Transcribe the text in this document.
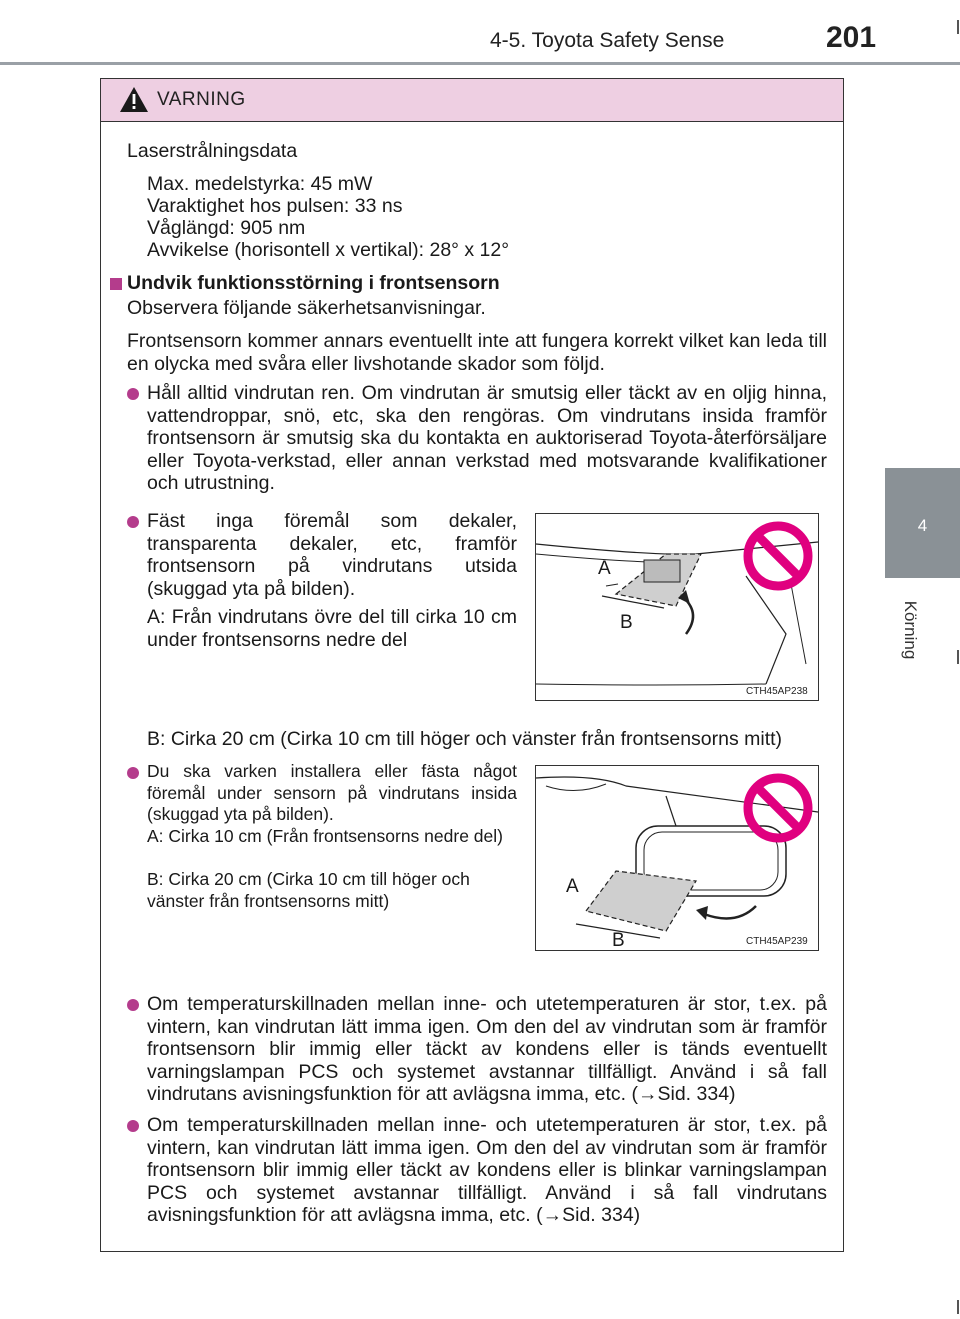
4-5. Toyota Safety Sense	201
4
Körning
VARNING
Laserstrålningsdata
Max. medelstyrka: 45 mW
Varaktighet hos pulsen: 33 ns
Våglängd: 905 nm
Avvikelse (horisontell x vertikal): 28° x 12°
Undvik funktionsstörning i frontsensorn
Observera följande säkerhetsanvisningar.
Frontsensorn kommer annars eventuellt inte att fungera korrekt vilket kan leda till en olycka med svåra eller livshotande skador som följd.
Håll alltid vindrutan ren. Om vindrutan är smutsig eller täckt av en oljig hinna, vattendroppar, snö, etc, ska den rengöras. Om vindrutans insida framför frontsensorn är smutsig ska du kontakta en auktoriserad Toyota-återförsäljare eller Toyota-verkstad, eller annan verkstad med motsvarande kvalifikationer och utrustning.
Fäst inga föremål som dekaler, transparenta dekaler, etc, framför frontsensorn på vindrutans utsida (skuggad yta på bilden).
A: Från vindrutans övre del till cirka 10 cm under frontsensorns nedre del
B: Cirka 20 cm (Cirka 10 cm till höger och vänster från frontsensorns mitt)
Du ska varken installera eller fästa något föremål under sensorn på vindrutans insida (skuggad yta på bilden).
A: Cirka 10 cm (Från frontsensorns nedre del)
B: Cirka 20 cm (Cirka 10 cm till höger och vänster från frontsensorns mitt)
Om temperaturskillnaden mellan inne- och utetemperaturen är stor, t.ex. på vintern, kan vindrutan lätt imma igen. Om den del av vindrutan som är framför frontsensorn blir immig eller täckt av kondens eller is tänds eventuellt varningslampan PCS och systemet avstannar tillfälligt. Använd i så fall vindrutans avisningsfunktion för att avlägsna imma, etc. (→Sid. 334)
Om temperaturskillnaden mellan inne- och utetemperaturen är stor, t.ex. på vintern, kan vindrutan lätt imma igen. Om den del av vindrutan som är framför frontsensorn blir immig eller täckt av kondens eller is blinkar varningslampan PCS och systemet avstannar tillfälligt. Använd i så fall vindrutans avisningsfunktion för att avlägsna imma, etc. (→Sid. 334)
A
B
CTH45AP238
A
B	CTH45AP239
